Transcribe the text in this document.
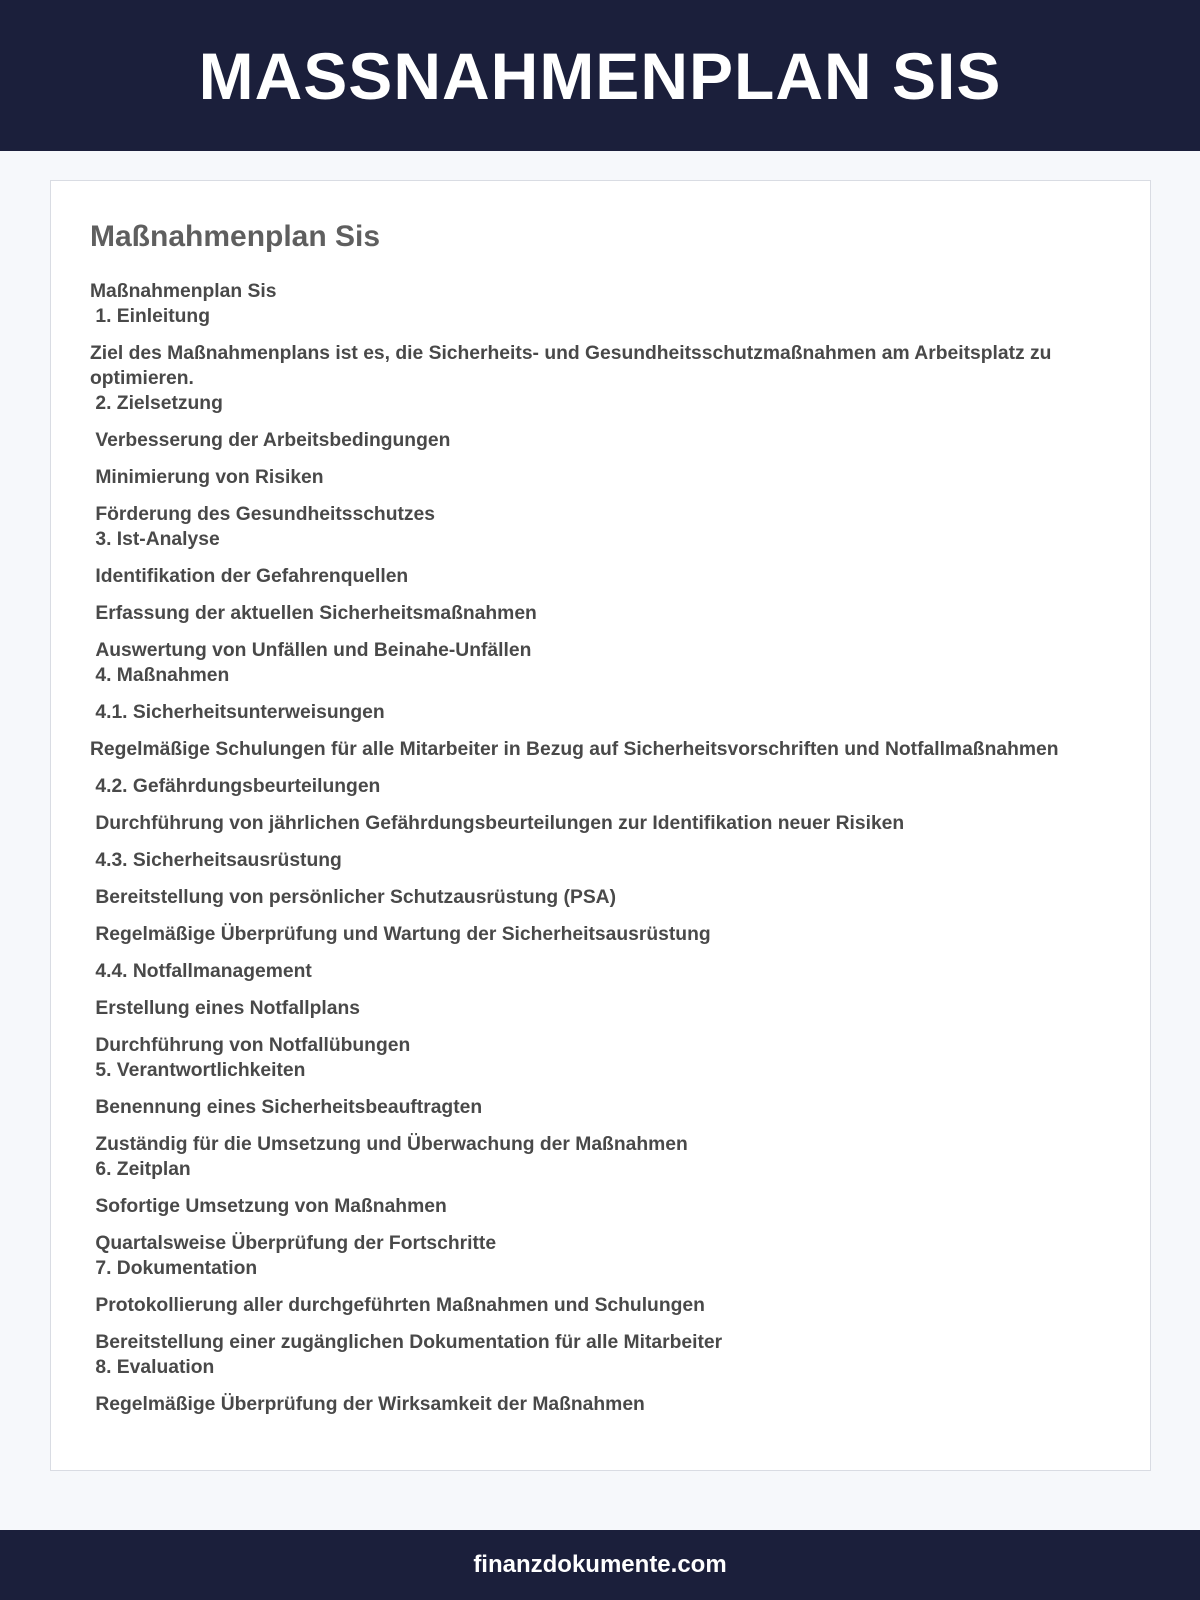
MASSNAHMENPLAN SIS
Maßnahmenplan Sis
Maßnahmenplan Sis
1. Einleitung
Ziel des Maßnahmenplans ist es, die Sicherheits- und Gesundheitsschutzmaßnahmen am Arbeitsplatz zu optimieren.
2. Zielsetzung
Verbesserung der Arbeitsbedingungen
Minimierung von Risiken
Förderung des Gesundheitsschutzes
3. Ist-Analyse
Identifikation der Gefahrenquellen
Erfassung der aktuellen Sicherheitsmaßnahmen
Auswertung von Unfällen und Beinahe-Unfällen
4. Maßnahmen
4.1. Sicherheitsunterweisungen
Regelmäßige Schulungen für alle Mitarbeiter in Bezug auf Sicherheitsvorschriften und Notfallmaßnahmen
4.2. Gefährdungsbeurteilungen
Durchführung von jährlichen Gefährdungsbeurteilungen zur Identifikation neuer Risiken
4.3. Sicherheitsausrüstung
Bereitstellung von persönlicher Schutzausrüstung (PSA)
Regelmäßige Überprüfung und Wartung der Sicherheitsausrüstung
4.4. Notfallmanagement
Erstellung eines Notfallplans
Durchführung von Notfallübungen
5. Verantwortlichkeiten
Benennung eines Sicherheitsbeauftragten
Zuständig für die Umsetzung und Überwachung der Maßnahmen
6. Zeitplan
Sofortige Umsetzung von Maßnahmen
Quartalsweise Überprüfung der Fortschritte
7. Dokumentation
Protokollierung aller durchgeführten Maßnahmen und Schulungen
Bereitstellung einer zugänglichen Dokumentation für alle Mitarbeiter
8. Evaluation
Regelmäßige Überprüfung der Wirksamkeit der Maßnahmen
finanzdokumente.com
